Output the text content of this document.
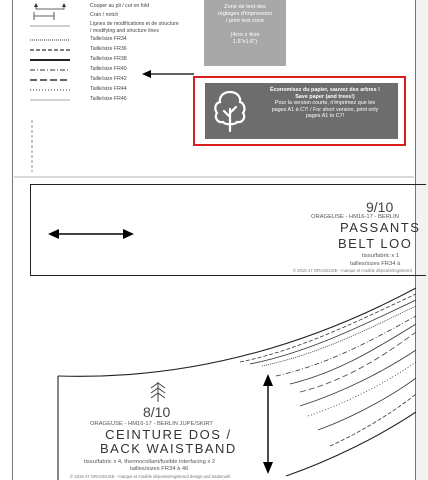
Couper au pli / cut on fold
Cran / notch
Lignes de modifications et de structure
/ modifying and structure lines
Taille/size FR34
Taille/size FR36
Taille/size FR38
Taille/size FR40
Taille/size FR42
Taille/size FR44
Taille/size FR46
Zone de test des
réglages d'impression
/ print test zone
(4cm x 4cm
1.6"x1.6")
Économisez du papier, sauvez des arbres !
Save paper (and trees!)
Pour la version courte, n'imprimez que les
pages A1 à C7! / For short version, print only
pages A1 to C7!
9/10
ORAGEUSE - HM16-17 - BERLIN
PASSANTS
BELT LOO
tissu/fabric x 1
tailles/sizes FR34 à
© 2016-17 ORAGEUSE - marque et modèle déposés/registered
8/10
ORAGEUSE - HM16-17 - BERLIN JUPE/SKIRT
CEINTURE DOS /
BACK WAISTBAND
tissu/fabric x 4, thermocollant/fusible interfacing x 2
tailles/sizes FR34 à 46
© 2016-17 ORAGEUSE - marque et modèle déposés/registered design and trademark
